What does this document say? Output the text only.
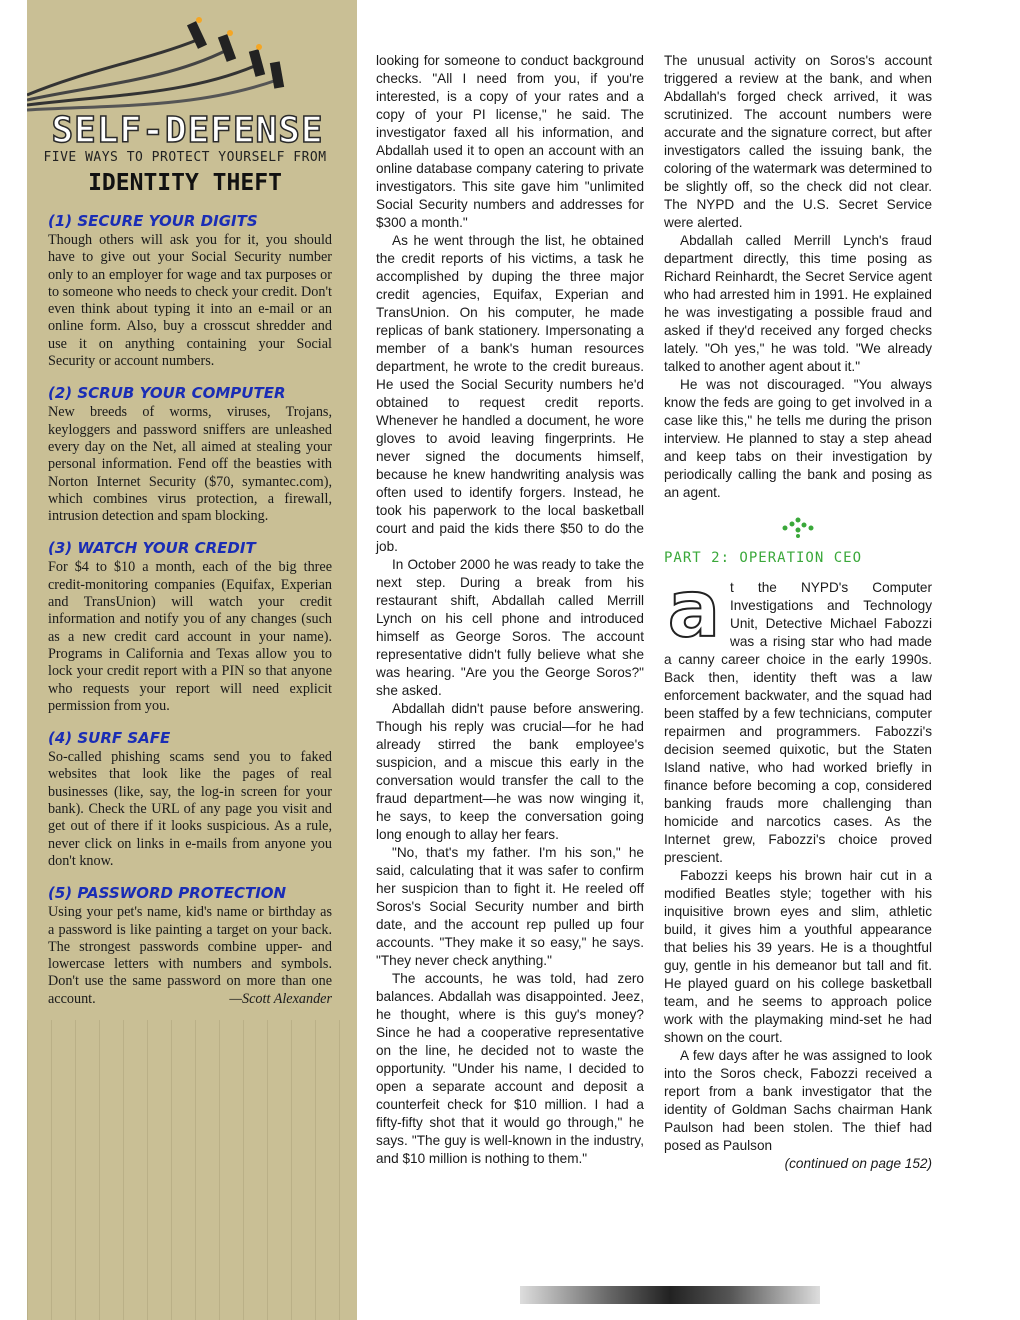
SELF-DEFENSE
FIVE WAYS TO PROTECT YOURSELF FROM
IDENTITY THEFT
(1) SECURE YOUR DIGITS
Though others will ask you for it, you should have to give out your Social Security number only to an employer for wage and tax purposes or to someone who needs to check your credit. Don't even think about typing it into an e-mail or an online form. Also, buy a crosscut shredder and use it on anything containing your Social Security or account numbers.
(2) SCRUB YOUR COMPUTER
New breeds of worms, viruses, Trojans, keyloggers and password sniffers are unleashed every day on the Net, all aimed at stealing your personal information. Fend off the beasties with Norton Internet Security ($70, symantec.com), which combines virus protection, a firewall, intrusion detection and spam blocking.
(3) WATCH YOUR CREDIT
For $4 to $10 a month, each of the big three credit-monitoring companies (Equifax, Experian and TransUnion) will watch your credit information and notify you of any changes (such as a new credit card account in your name). Programs in California and Texas allow you to lock your credit report with a PIN so that anyone who requests your report will need explicit permission from you.
(4) SURF SAFE
So-called phishing scams send you to faked websites that look like the pages of real businesses (like, say, the log-in screen for your bank). Check the URL of any page you visit and get out of there if it looks suspicious. As a rule, never click on links in e-mails from anyone you don't know.
(5) PASSWORD PROTECTION
Using your pet's name, kid's name or birthday as a password is like painting a target on your back. The strongest passwords combine upper- and lowercase letters with numbers and symbols. Don't use the same password on more than one account.	—Scott Alexander

looking for someone to conduct background checks. "All I need from you, if you're interested, is a copy of your rates and a copy of your PI license," he said. The investigator faxed all his information, and Abdallah used it to open an account with an online database company catering to private investigators. This site gave him "unlimited Social Security numbers and addresses for $300 a month."

As he went through the list, he obtained the credit reports of his victims, a task he accomplished by duping the three major credit agencies, Equifax, Experian and TransUnion. On his computer, he made replicas of bank stationery. Impersonating a member of a bank's human resources department, he wrote to the credit bureaus. He used the Social Security numbers he'd obtained to request credit reports. Whenever he handled a document, he wore gloves to avoid leaving fingerprints. He never signed the documents himself, because he knew handwriting analysis was often used to identify forgers. Instead, he took his paperwork to the local basketball court and paid the kids there $50 to do the job.

In October 2000 he was ready to take the next step. During a break from his restaurant shift, Abdallah called Merrill Lynch on his cell phone and introduced himself as George Soros. The account representative didn't fully believe what she was hearing. "Are you the George Soros?" she asked.

Abdallah didn't pause before answering. Though his reply was crucial—for he had already stirred the bank employee's suspicion, and a miscue this early in the conversation would transfer the call to the fraud department—he was now winging it, he says, to keep the conversation going long enough to allay her fears.

"No, that's my father. I'm his son," he said, calculating that it was safer to confirm her suspicion than to fight it. He reeled off Soros's Social Security number and birth date, and the account rep pulled up four accounts. "They make it so easy," he says. "They never check anything."

The accounts, he was told, had zero balances. Abdallah was disappointed. Jeez, he thought, where is this guy's money? Since he had a cooperative representative on the line, he decided not to waste the opportunity. "Under his name, I decided to open a separate account and deposit a counterfeit check for $10 million. I had a fifty-fifty shot that it would go through," he says. "The guy is well-known in the industry, and $10 million is nothing to them."

The unusual activity on Soros's account triggered a review at the bank, and when Abdallah's forged check arrived, it was scrutinized. The account numbers were accurate and the signature correct, but after investigators called the issuing bank, the coloring of the watermark was determined to be slightly off, so the check did not clear. The NYPD and the U.S. Secret Service were alerted.

Abdallah called Merrill Lynch's fraud department directly, this time posing as Richard Reinhardt, the Secret Service agent who had arrested him in 1991. He explained he was investigating a possible fraud and asked if they'd received any forged checks lately. "Oh yes," he was told. "We already talked to another agent about it."

He was not discouraged. "You always know the feds are going to get involved in a case like this," he tells me during the prison interview. He planned to stay a step ahead and keep tabs on their investigation by periodically calling the bank and posing as an agent.

PART 2: OPERATION CEO

at the NYPD's Computer Investigations and Technology Unit, Detective Michael Fabozzi was a rising star who had made a canny career choice in the early 1990s. Back then, identity theft was a law enforcement backwater, and the squad had been staffed by a few technicians, computer repairmen and programmers. Fabozzi's decision seemed quixotic, but the Staten Island native, who had worked briefly in finance before becoming a cop, considered banking frauds more challenging than homicide and narcotics cases. As the Internet grew, Fabozzi's choice proved prescient.

Fabozzi keeps his brown hair cut in a modified Beatles style; together with his inquisitive brown eyes and slim, athletic build, it gives him a youthful appearance that belies his 39 years. He is a thoughtful guy, gentle in his demeanor but tall and fit. He played guard on his college basketball team, and he seems to approach police work with the playmaking mind-set he had shown on the court.

A few days after he was assigned to look into the Soros check, Fabozzi received a report from a bank investigator that the identity of Goldman Sachs chairman Hank Paulson had been stolen. The thief had posed as Paulson

(continued on page 152)
